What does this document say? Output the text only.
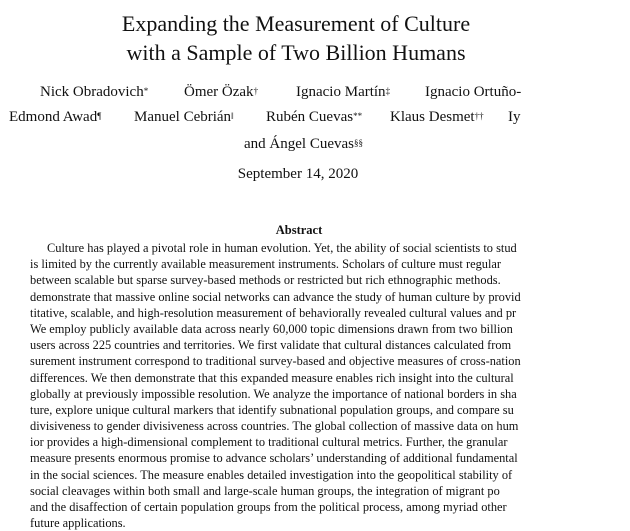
Expanding the Measurement of Culture
with a Sample of Two Billion Humans
Nick Obradovich* Ömer Özak†	Ignacio Martín‡ Ignacio Ortuño-
Edmond Awad¶ Manuel Cebrián‖ Rubén Cuevas** Klaus Desmet†† Iy
and Ángel Cuevas§§
September 14, 2020
Abstract
Culture has played a pivotal role in human evolution. Yet, the ability of social scientists to stud
is limited by the currently available measurement instruments. Scholars of culture must regular
between scalable but sparse survey-based methods or restricted but rich ethnographic methods.
demonstrate that massive online social networks can advance the study of human culture by provid
titative, scalable, and high-resolution measurement of behaviorally revealed cultural values and pr
We employ publicly available data across nearly 60,000 topic dimensions drawn from two billion
users across 225 countries and territories. We first validate that cultural distances calculated from
surement instrument correspond to traditional survey-based and objective measures of cross-nation
differences. We then demonstrate that this expanded measure enables rich insight into the cultural
globally at previously impossible resolution. We analyze the importance of national borders in sha
ture, explore unique cultural markers that identify subnational population groups, and compare su
divisiveness to gender divisiveness across countries. The global collection of massive data on hum
ior provides a high-dimensional complement to traditional cultural metrics. Further, the granular
measure presents enormous promise to advance scholars’ understanding of additional fundamental
in the social sciences. The measure enables detailed investigation into the geopolitical stability of
social cleavages within both small and large-scale human groups, the integration of migrant po
and the disaffection of certain population groups from the political process, among myriad other
future applications.
